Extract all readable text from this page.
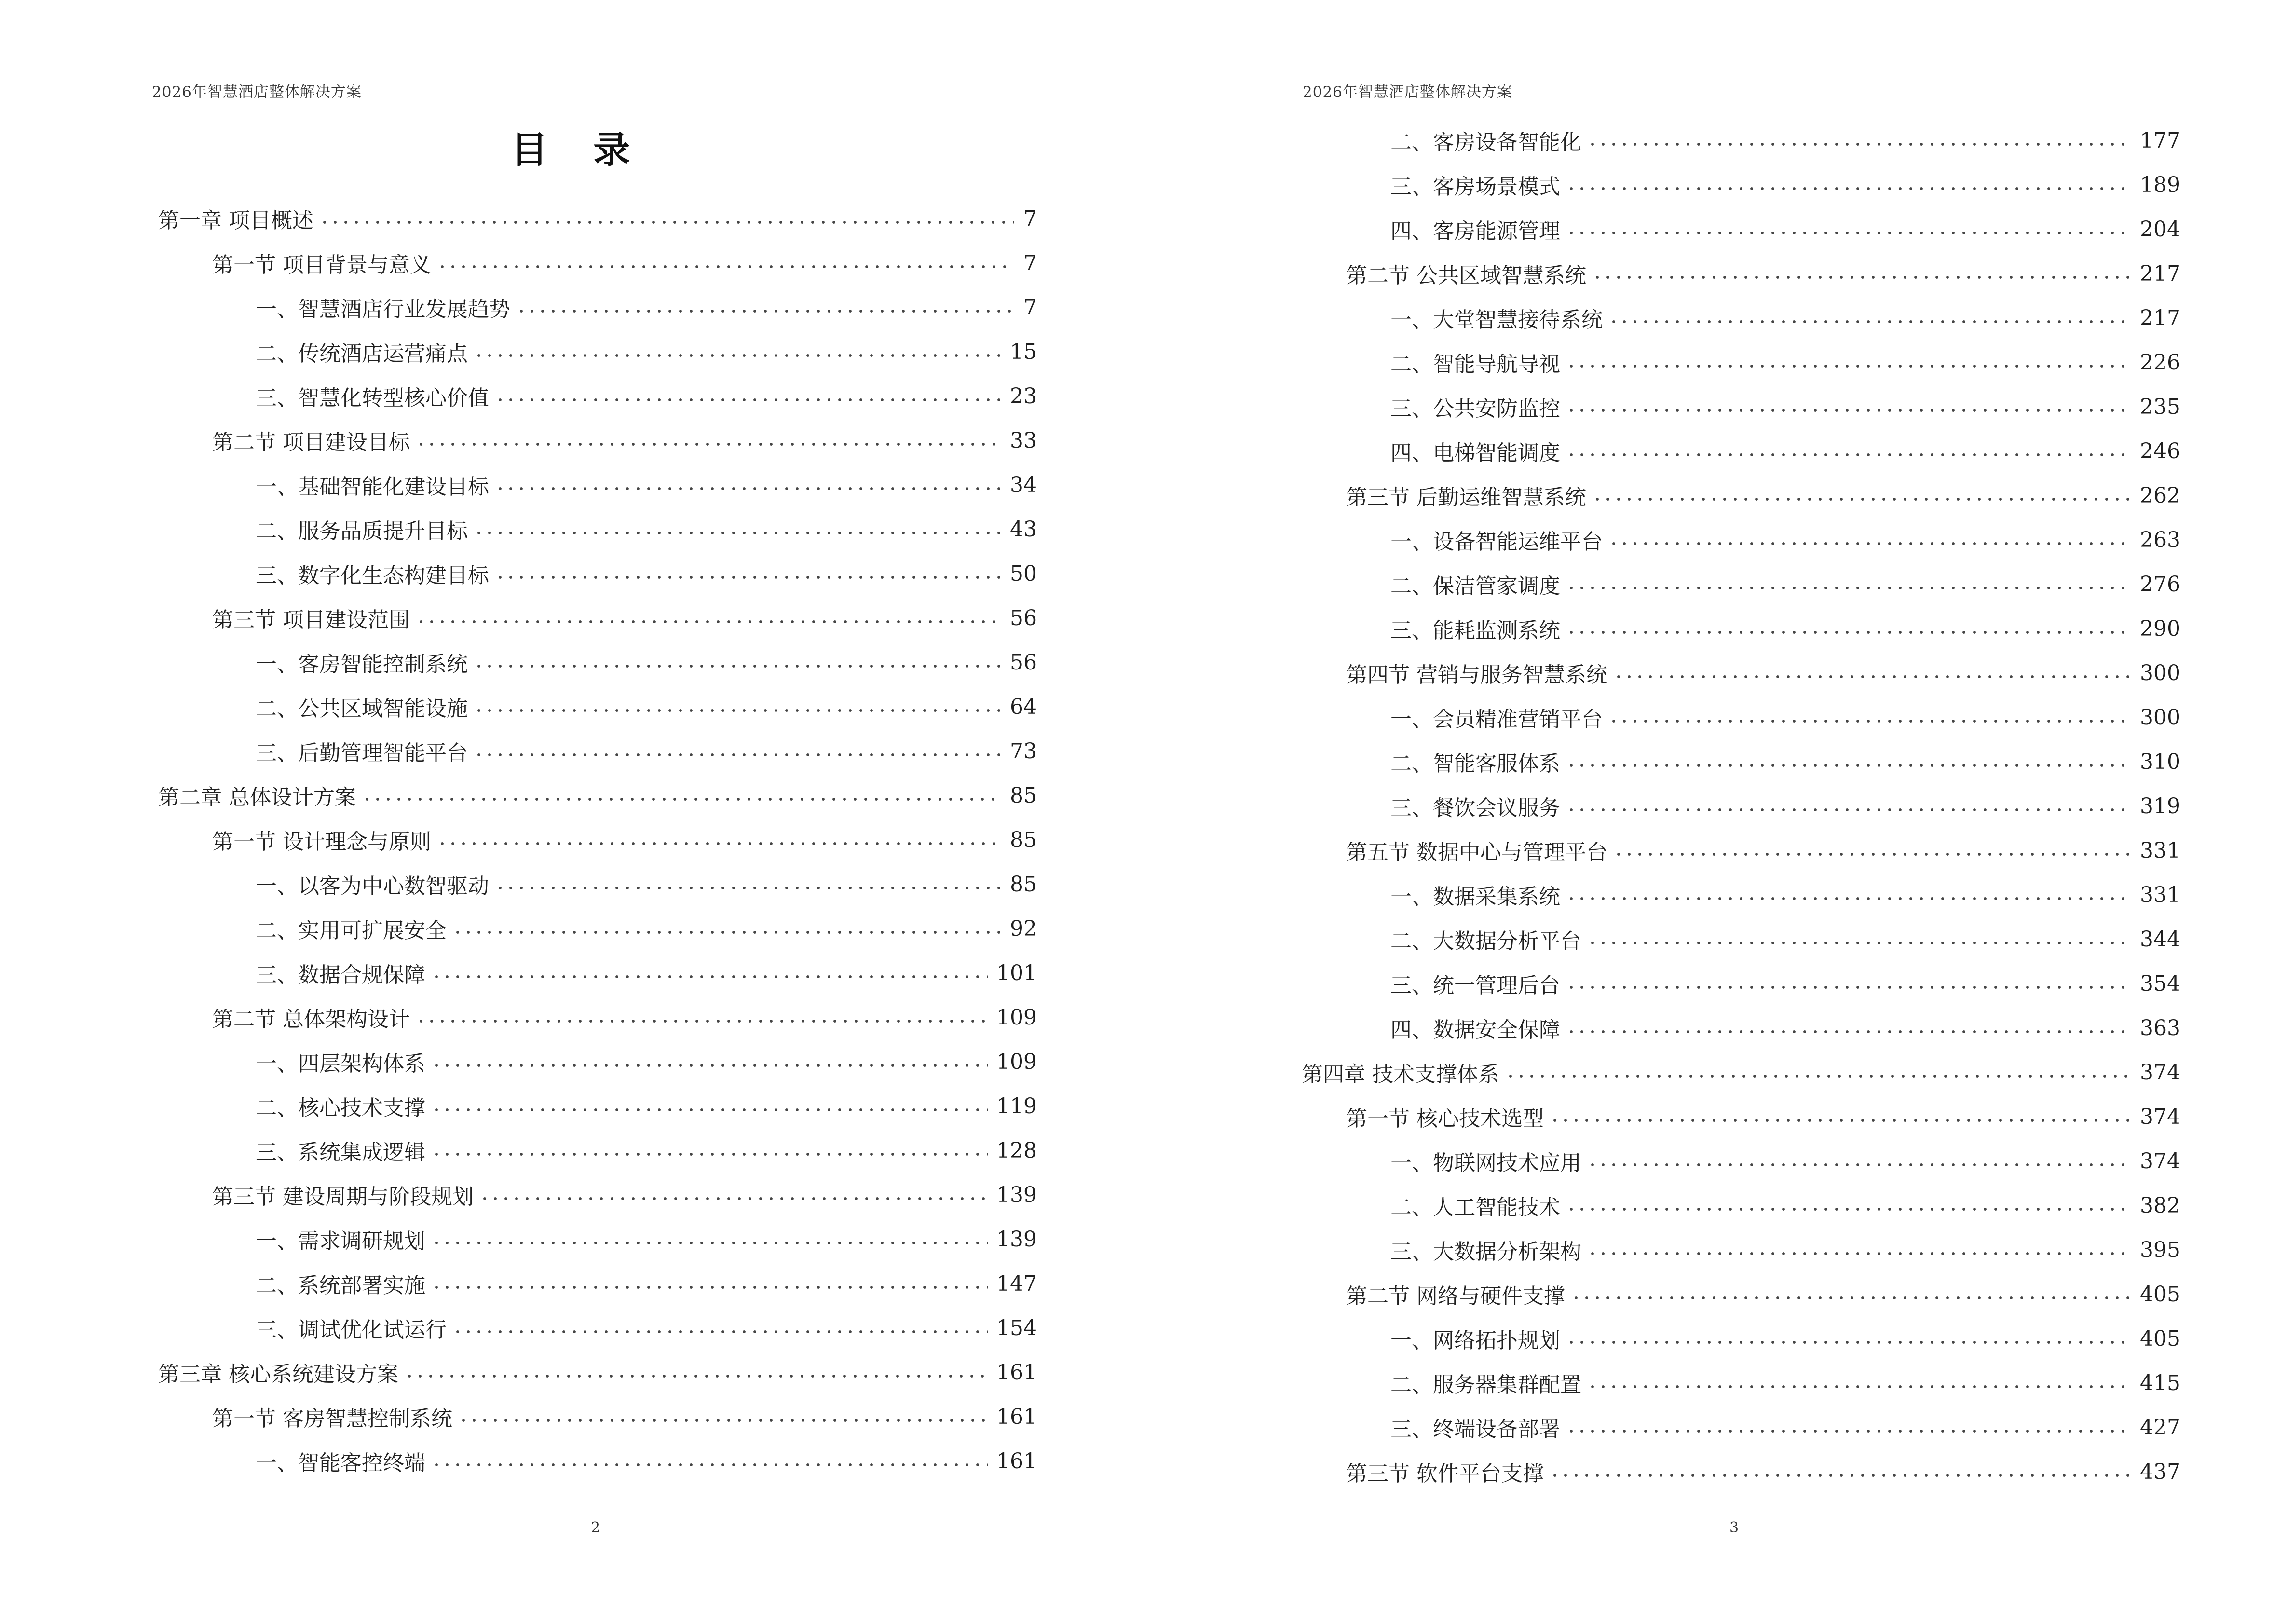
2026年智慧酒店整体解决方案
目 录
第一章 项目概述	7
第一节 项目背景与意义	7
一、智慧酒店行业发展趋势	7
二、传统酒店运营痛点	15
三、智慧化转型核心价值	23
第二节 项目建设目标	33
一、基础智能化建设目标	34
二、服务品质提升目标	43
三、数字化生态构建目标	50
第三节 项目建设范围	56
一、客房智能控制系统	56
二、公共区域智能设施	64
三、后勤管理智能平台	73
第二章 总体设计方案	85
第一节 设计理念与原则	85
一、以客为中心数智驱动	85
二、实用可扩展安全	92
三、数据合规保障	101
第二节 总体架构设计	109
一、四层架构体系	109
二、核心技术支撑	119
三、系统集成逻辑	128
第三节 建设周期与阶段规划	139
一、需求调研规划	139
二、系统部署实施	147
三、调试优化试运行	154
第三章 核心系统建设方案	161
第一节 客房智慧控制系统	161
一、智能客控终端	161
2
2026年智慧酒店整体解决方案
二、客房设备智能化	177
三、客房场景模式	189
四、客房能源管理	204
第二节 公共区域智慧系统	217
一、大堂智慧接待系统	217
二、智能导航导视	226
三、公共安防监控	235
四、电梯智能调度	246
第三节 后勤运维智慧系统	262
一、设备智能运维平台	263
二、保洁管家调度	276
三、能耗监测系统	290
第四节 营销与服务智慧系统	300
一、会员精准营销平台	300
二、智能客服体系	310
三、餐饮会议服务	319
第五节 数据中心与管理平台	331
一、数据采集系统	331
二、大数据分析平台	344
三、统一管理后台	354
四、数据安全保障	363
第四章 技术支撑体系	374
第一节 核心技术选型	374
一、物联网技术应用	374
二、人工智能技术	382
三、大数据分析架构	395
第二节 网络与硬件支撑	405
一、网络拓扑规划	405
二、服务器集群配置	415
三、终端设备部署	427
第三节 软件平台支撑	437
3
